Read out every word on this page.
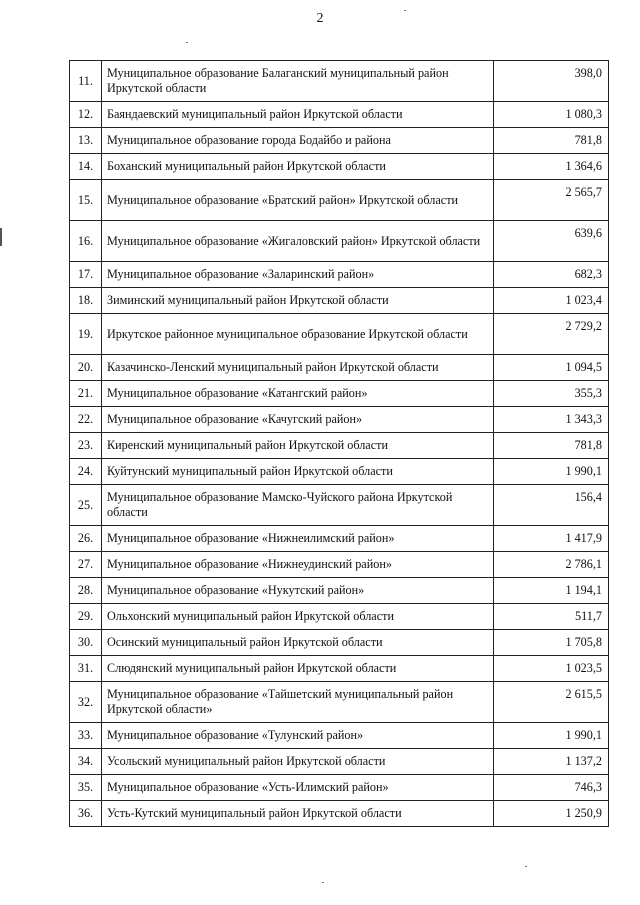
2
11.	Муниципальное образование Балаганский муниципальный район Иркутской области	398,0
12.	Баяндаевский муниципальный район Иркутской области	1 080,3
13.	Муниципальное образование города Бодайбо и района	781,8
14.	Боханский муниципальный район Иркутской области	1 364,6
15.	Муниципальное образование «Братский район» Иркутской области	2 565,7
16.	Муниципальное образование «Жигаловский район» Иркутской области	639,6
17.	Муниципальное образование «Заларинский район»	682,3
18.	Зиминский муниципальный район Иркутской области	1 023,4
19.	Иркутское районное муниципальное образование Иркутской области	2 729,2
20.	Казачинско-Ленский муниципальный район Иркутской области	1 094,5
21.	Муниципальное образование «Катангский район»	355,3
22.	Муниципальное образование «Качугский район»	1 343,3
23.	Киренский муниципальный район Иркутской области	781,8
24.	Куйтунский муниципальный район Иркутской области	1 990,1
25.	Муниципальное образование Мамско-Чуйского района Иркутской области	156,4
26.	Муниципальное образование «Нижнеилимский район»	1 417,9
27.	Муниципальное образование «Нижнеудинский район»	2 786,1
28.	Муниципальное образование «Нукутский район»	1 194,1
29.	Ольхонский муниципальный район Иркутской области	511,7
30.	Осинский муниципальный район Иркутской области	1 705,8
31.	Слюдянский муниципальный район Иркутской области	1 023,5
32.	Муниципальное образование «Тайшетский муниципальный район Иркутской области»	2 615,5
33.	Муниципальное образование «Тулунский район»	1 990,1
34.	Усольский муниципальный район Иркутской области	1 137,2
35.	Муниципальное образование «Усть-Илимский район»	746,3
36.	Усть-Кутский муниципальный район Иркутской области	1 250,9
